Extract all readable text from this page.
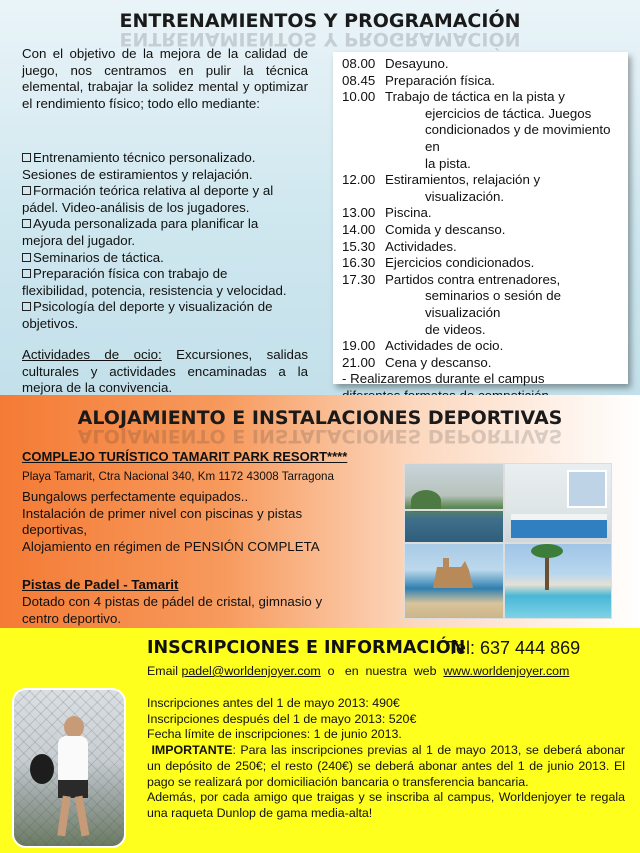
ENTRENAMIENTOS Y PROGRAMACIÓN
ENTRENAMIENTOS Y PROGRAMACIÓN
Con el objetivo de la mejora de la calidad de juego, nos centramos en pulir la técnica elemental, trabajar la solidez mental y optimizar el rendimiento físico; todo ello mediante:
Entrenamiento técnico personalizado.
Sesiones de estiramientos y relajación.
Formación teórica relativa al deporte y al
pádel. Video-análisis de los jugadores.
Ayuda personalizada para planificar la
mejora del jugador.
Seminarios de táctica.
Preparación física con trabajo de
flexibilidad, potencia, resistencia y velocidad.
Psicología del deporte y visualización de
objetivos.
Actividades de ocio: Excursiones, salidas culturales y actividades encaminadas a la mejora de la convivencia.
08.00 Desayuno.
08.45 Preparación física.
10.00 Trabajo de táctica en la pista y
ejercicios de táctica. Juegos
condicionados y de movimiento en
la pista.
12.00 Estiramientos, relajación y
visualización.
13.00 Piscina.
14.00 Comida y descanso.
15.30 Actividades.
16.30 Ejercicios condicionados.
17.30 Partidos contra entrenadores,
seminarios o sesión de visualización
de videos.
19.00 Actividades de ocio.
21.00 Cena y descanso.
- Realizaremos durante el campus
ALOJAMIENTO E INSTALACIONES DEPORTIVAS
ALOJAMIENTO E INSTALACIONES DEPORTIVAS
COMPLEJO TURÍSTICO TAMARIT PARK RESORT****
Playa Tamarit, Ctra Nacional 340, Km 1172 43008 Tarragona
Bungalows perfectamente equipados..
Instalación de primer nivel con piscinas y pistas
deportivas,
Alojamiento en régimen de PENSIÓN COMPLETA
Pistas de Padel - Tamarit
Dotado con 4 pistas de pádel de cristal, gimnasio y
centro deportivo.
INSCRIPCIONES E INFORMACIÓN
Tel: 637 444 869
Email padel@worldenjoyer.com  o   en  nuestra  web  www.worldenjoyer.com
Inscripciones antes del 1 de mayo 2013: 490€
Inscripciones después del 1 de mayo 2013: 520€
Fecha límite de inscripciones: 1 de junio 2013.
IMPORTANTE: Para las inscripciones previas al 1 de mayo 2013, se deberá abonar un depósito de 250€; el resto (240€) se deberá abonar antes del 1 de junio 2013. El pago se realizará por domiciliación bancaria o transferencia bancaria.
Además, por cada amigo que traigas y se inscriba al campus, Worldenjoyer te regala una raqueta Dunlop de gama media-alta!
